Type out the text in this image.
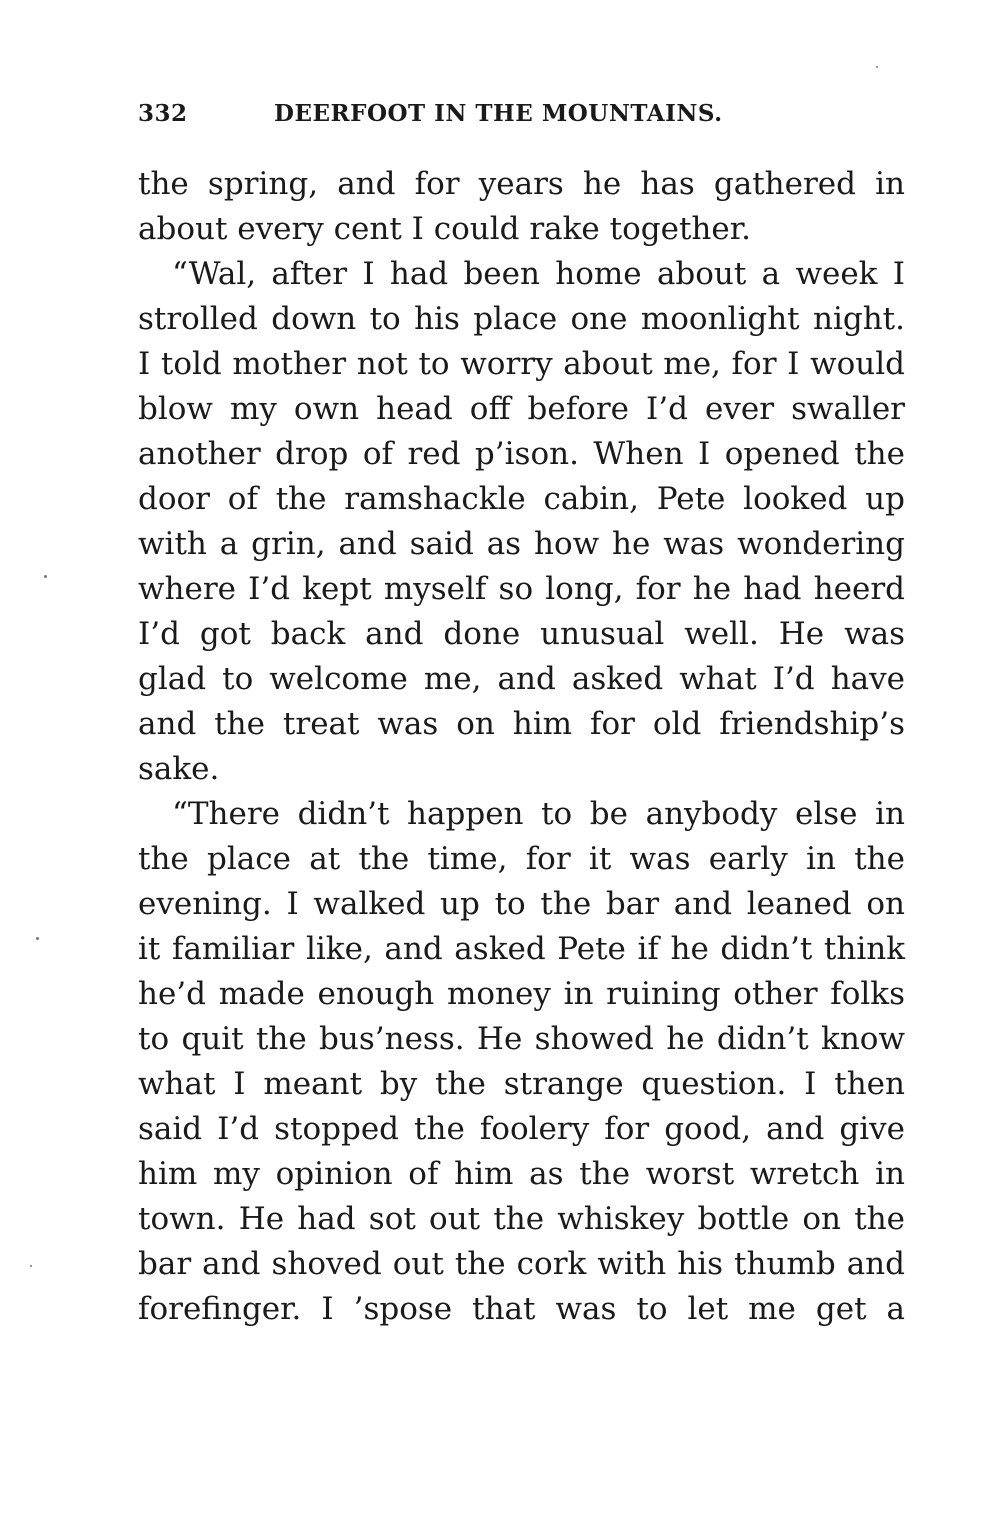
332	DEERFOOT IN THE MOUNTAINS.
the spring, and for years he has gathered in
about every cent I could rake together.
“Wal, after I had been home about a week I
strolled down to his place one moonlight night.
I told mother not to worry about me, for I would
blow my own head off before I’d ever swaller
another drop of red p’ison. When I opened the
door of the ramshackle cabin, Pete looked up
with a grin, and said as how he was wondering
where I’d kept myself so long, for he had heerd
I’d got back and done unusual well. He was
glad to welcome me, and asked what I’d have
and the treat was on him for old friendship’s
sake.
“There didn’t happen to be anybody else in
the place at the time, for it was early in the
evening. I walked up to the bar and leaned on
it familiar like, and asked Pete if he didn’t think
he’d made enough money in ruining other folks
to quit the bus’ness. He showed he didn’t know
what I meant by the strange question. I then
said I’d stopped the foolery for good, and give
him my opinion of him as the worst wretch in
town. He had sot out the whiskey bottle on the
bar and shoved out the cork with his thumb and
forefinger. I ’spose that was to let me get a
